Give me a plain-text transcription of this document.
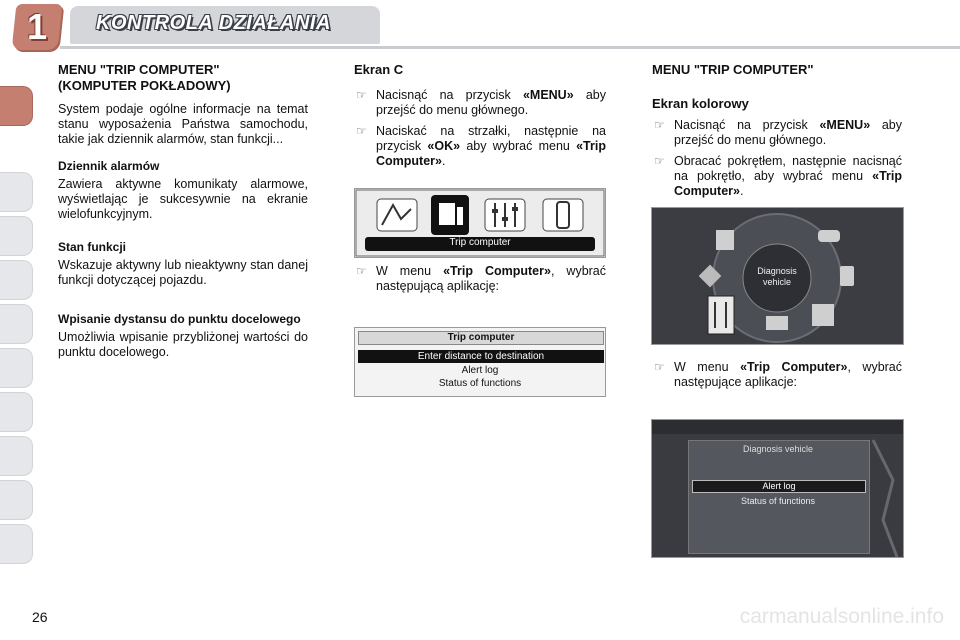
1	KONTROLA DZIAŁANIA
MENU "TRIP COMPUTER"
(KOMPUTER POKŁADOWY)
System podaje ogólne informacje na temat stanu wyposażenia Państwa samochodu, takie jak dziennik alarmów, stan funkcji...
Dziennik alarmów
Zawiera aktywne komunikaty alarmowe, wyświetlając je sukcesywnie na ekranie wielofunkcyjnym.
Stan funkcji
Wskazuje aktywny lub nieaktywny stan danej funkcji dotyczącej pojazdu.
Wpisanie dystansu do punktu docelowego
Umożliwia wpisanie przybliżonej wartości do punktu docelowego.
Ekran C
☞ Nacisnąć na przycisk «MENU» aby przejść do menu głównego.
☞ Naciskać na strzałki, następnie na przycisk «OK» aby wybrać menu «Trip Computer».
Trip computer
☞ W menu «Trip Computer», wybrać następującą aplikację:
Trip computer
Enter distance to destination
Alert log
Status of functions
MENU "TRIP COMPUTER"
Ekran kolorowy
☞ Nacisnąć na przycisk «MENU» aby przejść do menu głównego.
☞ Obracać pokrętłem, następnie nacisnąć na pokrętło, aby wybrać menu «Trip Computer».
Diagnosis
vehicle
☞ W menu «Trip Computer», wybrać następujące aplikacje:
Diagnosis vehicle
Alert log
Status of functions
26	carmanualsonline.info
